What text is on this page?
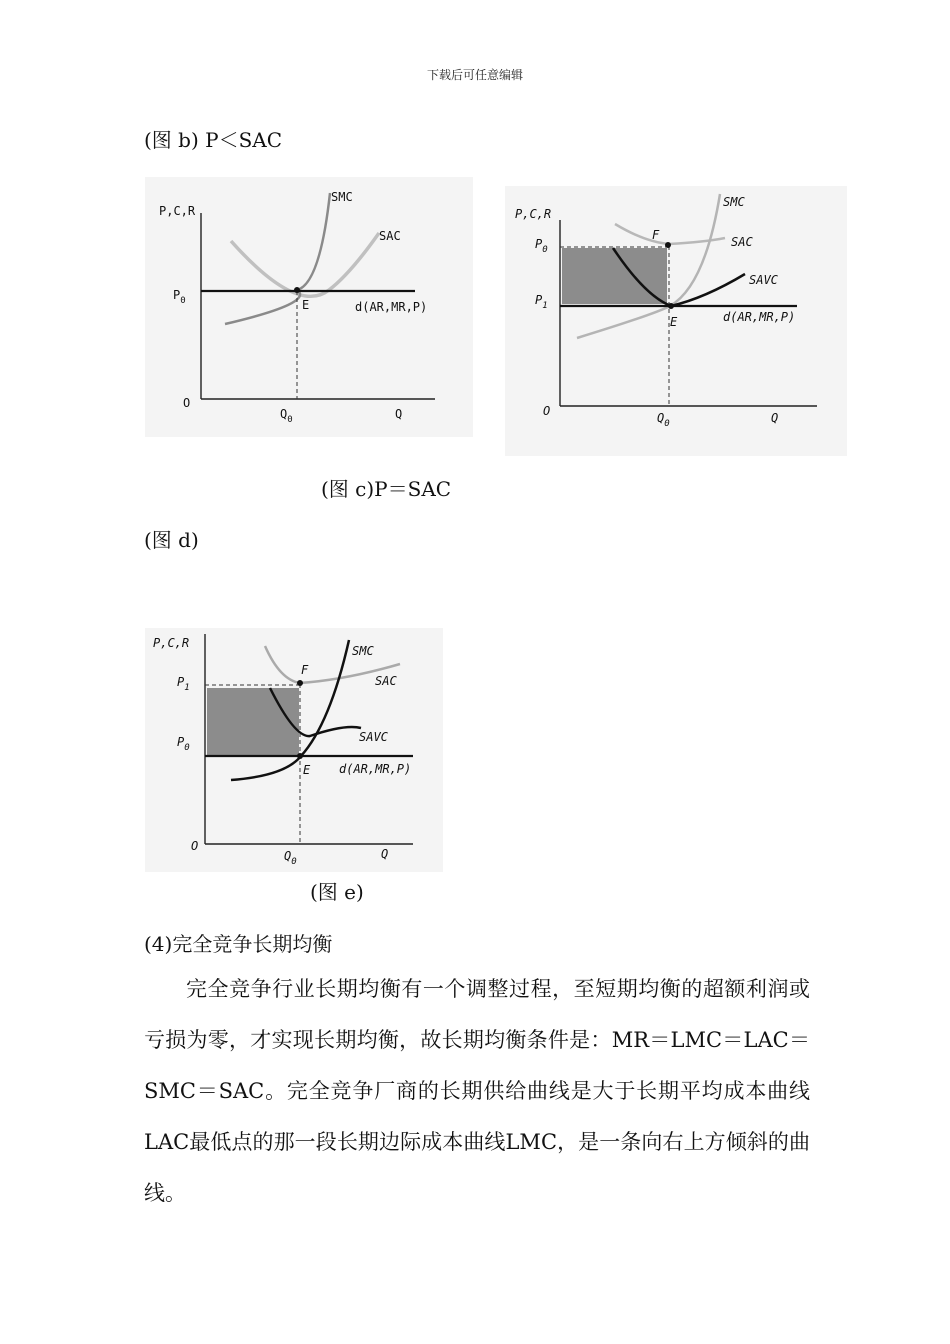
下载后可任意编辑
(图 b) P＜SAC
P,C,R
SMC
SAC
d(AR,MR,P)
E
$P_0$
O
$Q_0$	Q
P,C,R
$P_0$
$P_1$
F
SMC
SAC
SAVC
d(AR,MR,P)
E
O	$Q_0$	Q
(图 c)P＝SAC
(图 d)
P,C,R
$P_1$
$P_0$
F
SMC
SAC
SAVC
d(AR,MR,P)
E
O
$Q_0$
Q
(图 e)
(4)完全竞争长期均衡

完全竞争行业长期均衡有一个调整过程，至短期均衡的超额利润或亏损为零，才实现长期均衡，故长期均衡条件是：MR＝LMC＝LAC＝SMC＝SAC。完全竞争厂商的长期供给曲线是大于长期平均成本曲线LAC最低点的那一段长期边际成本曲线LMC，是一条向右上方倾斜的曲线。
